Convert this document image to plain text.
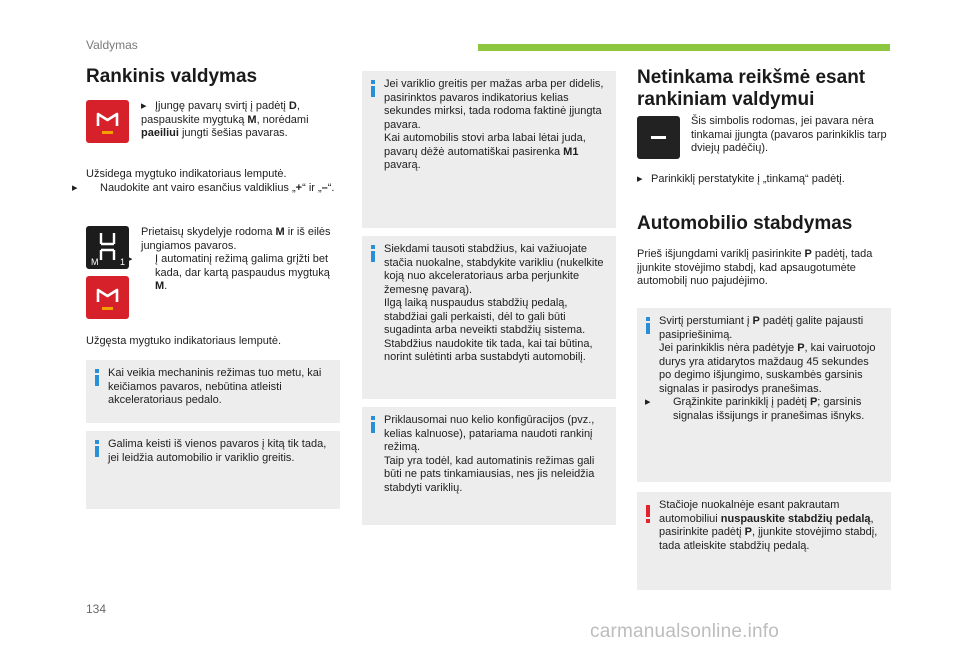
Valdymas
Rankinis valdymas
▸ Įjungę pavarų svirtį į padėtį D, paspauskite mygtuką M, norėdami paeiliui jungti šešias pavaras.
Užsidega mygtuko indikatoriaus lemputė.
▸ Naudokite ant vairo esančius valdiklius „+“ ir „–“.
M 1
Prietaisų skydelyje rodoma M ir iš eilės jungiamos pavaros.
▸ Į automatinį režimą galima grįžti bet kada, dar kartą paspaudus mygtuką M.
Užgęsta mygtuko indikatoriaus lemputė.
Kai veikia mechaninis režimas tuo metu, kai keičiamos pavaros, nebūtina atleisti akceleratoriaus pedalo.
Galima keisti iš vienos pavaros į kitą tik tada, jei leidžia automobilio ir variklio greitis.
Jei variklio greitis per mažas arba per didelis, pasirinktos pavaros indikatorius kelias sekundes mirksi, tada rodoma faktinė įjungta pavara.
Kai automobilis stovi arba labai lėtai juda, pavarų dėžė automatiškai pasirenka M1 pavarą.
Siekdami tausoti stabdžius, kai važiuojate stačia nuokalne, stabdykite varikliu (nukelkite koją nuo akceleratoriaus arba perjunkite žemesnę pavarą).
Ilgą laiką nuspaudus stabdžių pedalą, stabdžiai gali perkaisti, dėl to gali būti sugadinta arba neveikti stabdžių sistema.
Stabdžius naudokite tik tada, kai tai būtina, norint sulėtinti arba sustabdyti automobilį.
Priklausomai nuo kelio konfigūracijos (pvz., kelias kalnuose), patariama naudoti rankinį režimą.
Taip yra todėl, kad automatinis režimas gali būti ne pats tinkamiausias, nes jis neleidžia stabdyti variklių.
Netinkama reikšmė esant
rankiniam valdymui
Šis simbolis rodomas, jei pavara nėra tinkamai įjungta (pavaros parinkiklis tarp dviejų padėčių).
▸ Parinkiklį perstatykite į „tinkamą“ padėtį.
Automobilio stabdymas
Prieš išjungdami variklį pasirinkite P padėtį, tada įjunkite stovėjimo stabdį, kad apsaugotumėte automobilį nuo pajudėjimo.
Svirtį perstumiant į P padėtį galite pajausti pasipriešinimą.
Jei parinkiklis nėra padėtyje P, kai vairuotojo durys yra atidarytos maždaug 45 sekundes po degimo išjungimo, suskambės garsinis signalas ir pasirodys pranešimas.
▸ Grąžinkite parinkiklį į padėtį P; garsinis signalas išsijungs ir pranešimas išnyks.
Stačioje nuokalnėje esant pakrautam automobiliui nuspauskite stabdžių pedalą, pasirinkite padėtį P, įjunkite stovėjimo stabdį, tada atleiskite stabdžių pedalą.
134
carmanualsonline.info
